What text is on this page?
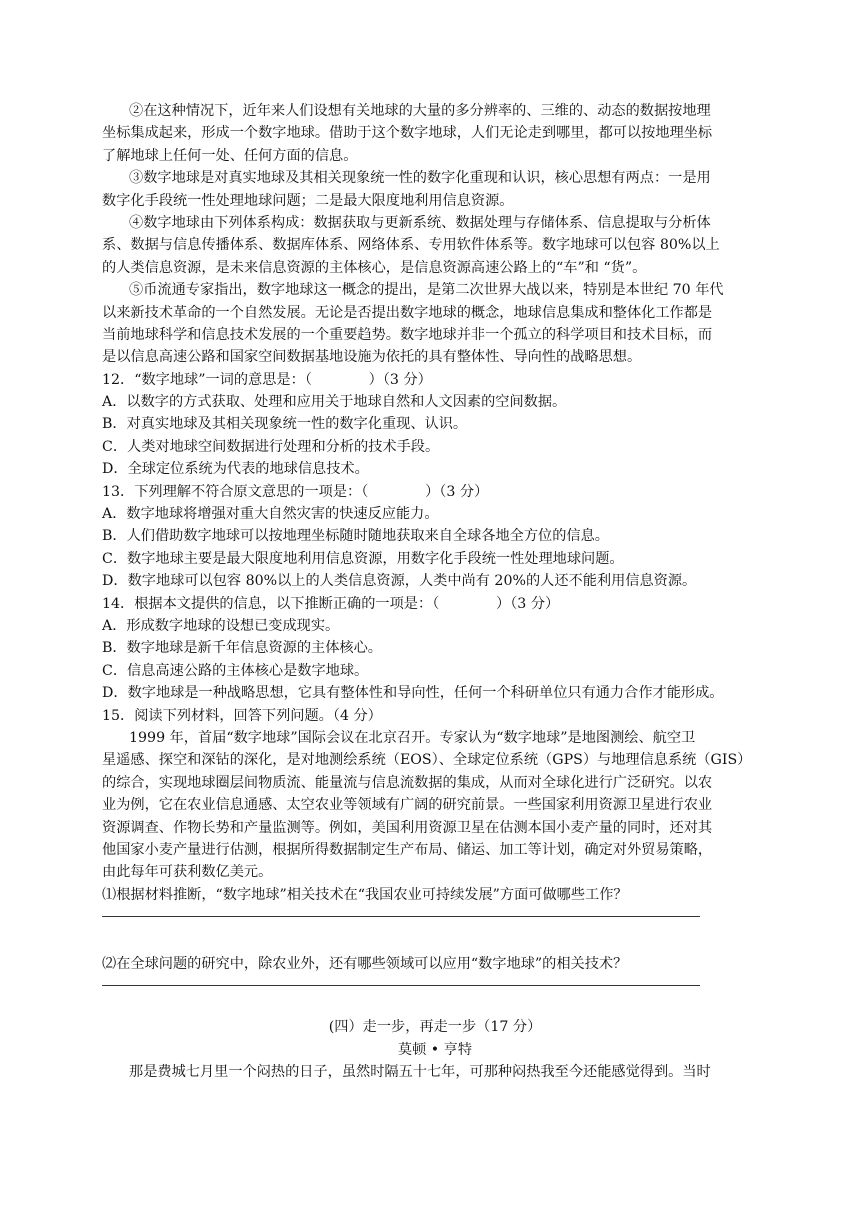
②在这种情况下，近年来人们设想有关地球的大量的多分辨率的、三维的、动态的数据按地理
坐标集成起来，形成一个数字地球。借助于这个数字地球，人们无论走到哪里，都可以按地理坐标
了解地球上任何一处、任何方面的信息。
③数字地球是对真实地球及其相关现象统一性的数字化重现和认识，核心思想有两点：一是用
数字化手段统一性处理地球问题；二是最大限度地利用信息资源。
④数字地球由下列体系构成：数据获取与更新系统、数据处理与存储体系、信息提取与分析体
系、数据与信息传播体系、数据库体系、网络体系、专用软件体系等。数字地球可以包容 80%以上
的人类信息资源，是未来信息资源的主体核心，是信息资源高速公路上的“车”和 “货”。
⑤币流通专家指出，数字地球这一概念的提出，是第二次世界大战以来，特别是本世纪 70 年代
以来新技术革命的一个自然发展。无论是否提出数字地球的概念，地球信息集成和整体化工作都是
当前地球科学和信息技术发展的一个重要趋势。数字地球并非一个孤立的科学项目和技术目标，而
是以信息高速公路和国家空间数据基地设施为依托的具有整体性、导向性的战略思想。
12．“数字地球”一词的意思是：（　　　　）（3 分）
A．以数字的方式获取、处理和应用关于地球自然和人文因素的空间数据。
B．对真实地球及其相关现象统一性的数字化重现、认识。
C．人类对地球空间数据进行处理和分析的技术手段。
D．全球定位系统为代表的地球信息技术。
13．下列理解不符合原文意思的一项是：（　　　　）（3 分）
A．数字地球将增强对重大自然灾害的快速反应能力。
B．人们借助数字地球可以按地理坐标随时随地获取来自全球各地全方位的信息。
C．数字地球主要是最大限度地利用信息资源，用数字化手段统一性处理地球问题。
D．数字地球可以包容 80%以上的人类信息资源，人类中尚有 20%的人还不能利用信息资源。
14．根据本文提供的信息，以下推断正确的一项是：（　　　　）（3 分）
A．形成数字地球的设想已变成现实。
B．数字地球是新千年信息资源的主体核心。
C．信息高速公路的主体核心是数字地球。
D．数字地球是一种战略思想，它具有整体性和导向性，任何一个科研单位只有通力合作才能形成。
15．阅读下列材料，回答下列问题。（4 分）
1999 年，首届“数字地球”国际会议在北京召开。专家认为“数字地球”是地图测绘、航空卫
星遥感、探空和深钻的深化，是对地测绘系统（EOS）、全球定位系统（GPS）与地理信息系统（GIS）
的综合，实现地球圈层间物质流、能量流与信息流数据的集成，从而对全球化进行广泛研究。以农
业为例，它在农业信息通感、太空农业等领域有广阔的研究前景。一些国家利用资源卫星进行农业
资源调查、作物长势和产量监测等。例如，美国利用资源卫星在估测本国小麦产量的同时，还对其
他国家小麦产量进行估测，根据所得数据制定生产布局、储运、加工等计划，确定对外贸易策略，
由此每年可获利数亿美元。
⑴根据材料推断，“数字地球”相关技术在“我国农业可持续发展”方面可做哪些工作？
⑵在全球问题的研究中，除农业外，还有哪些领域可以应用“数字地球”的相关技术？
(四）走一步，再走一步（17 分）
莫顿 • 亨特
那是费城七月里一个闷热的日子，虽然时隔五十七年，可那种闷热我至今还能感觉得到。当时
